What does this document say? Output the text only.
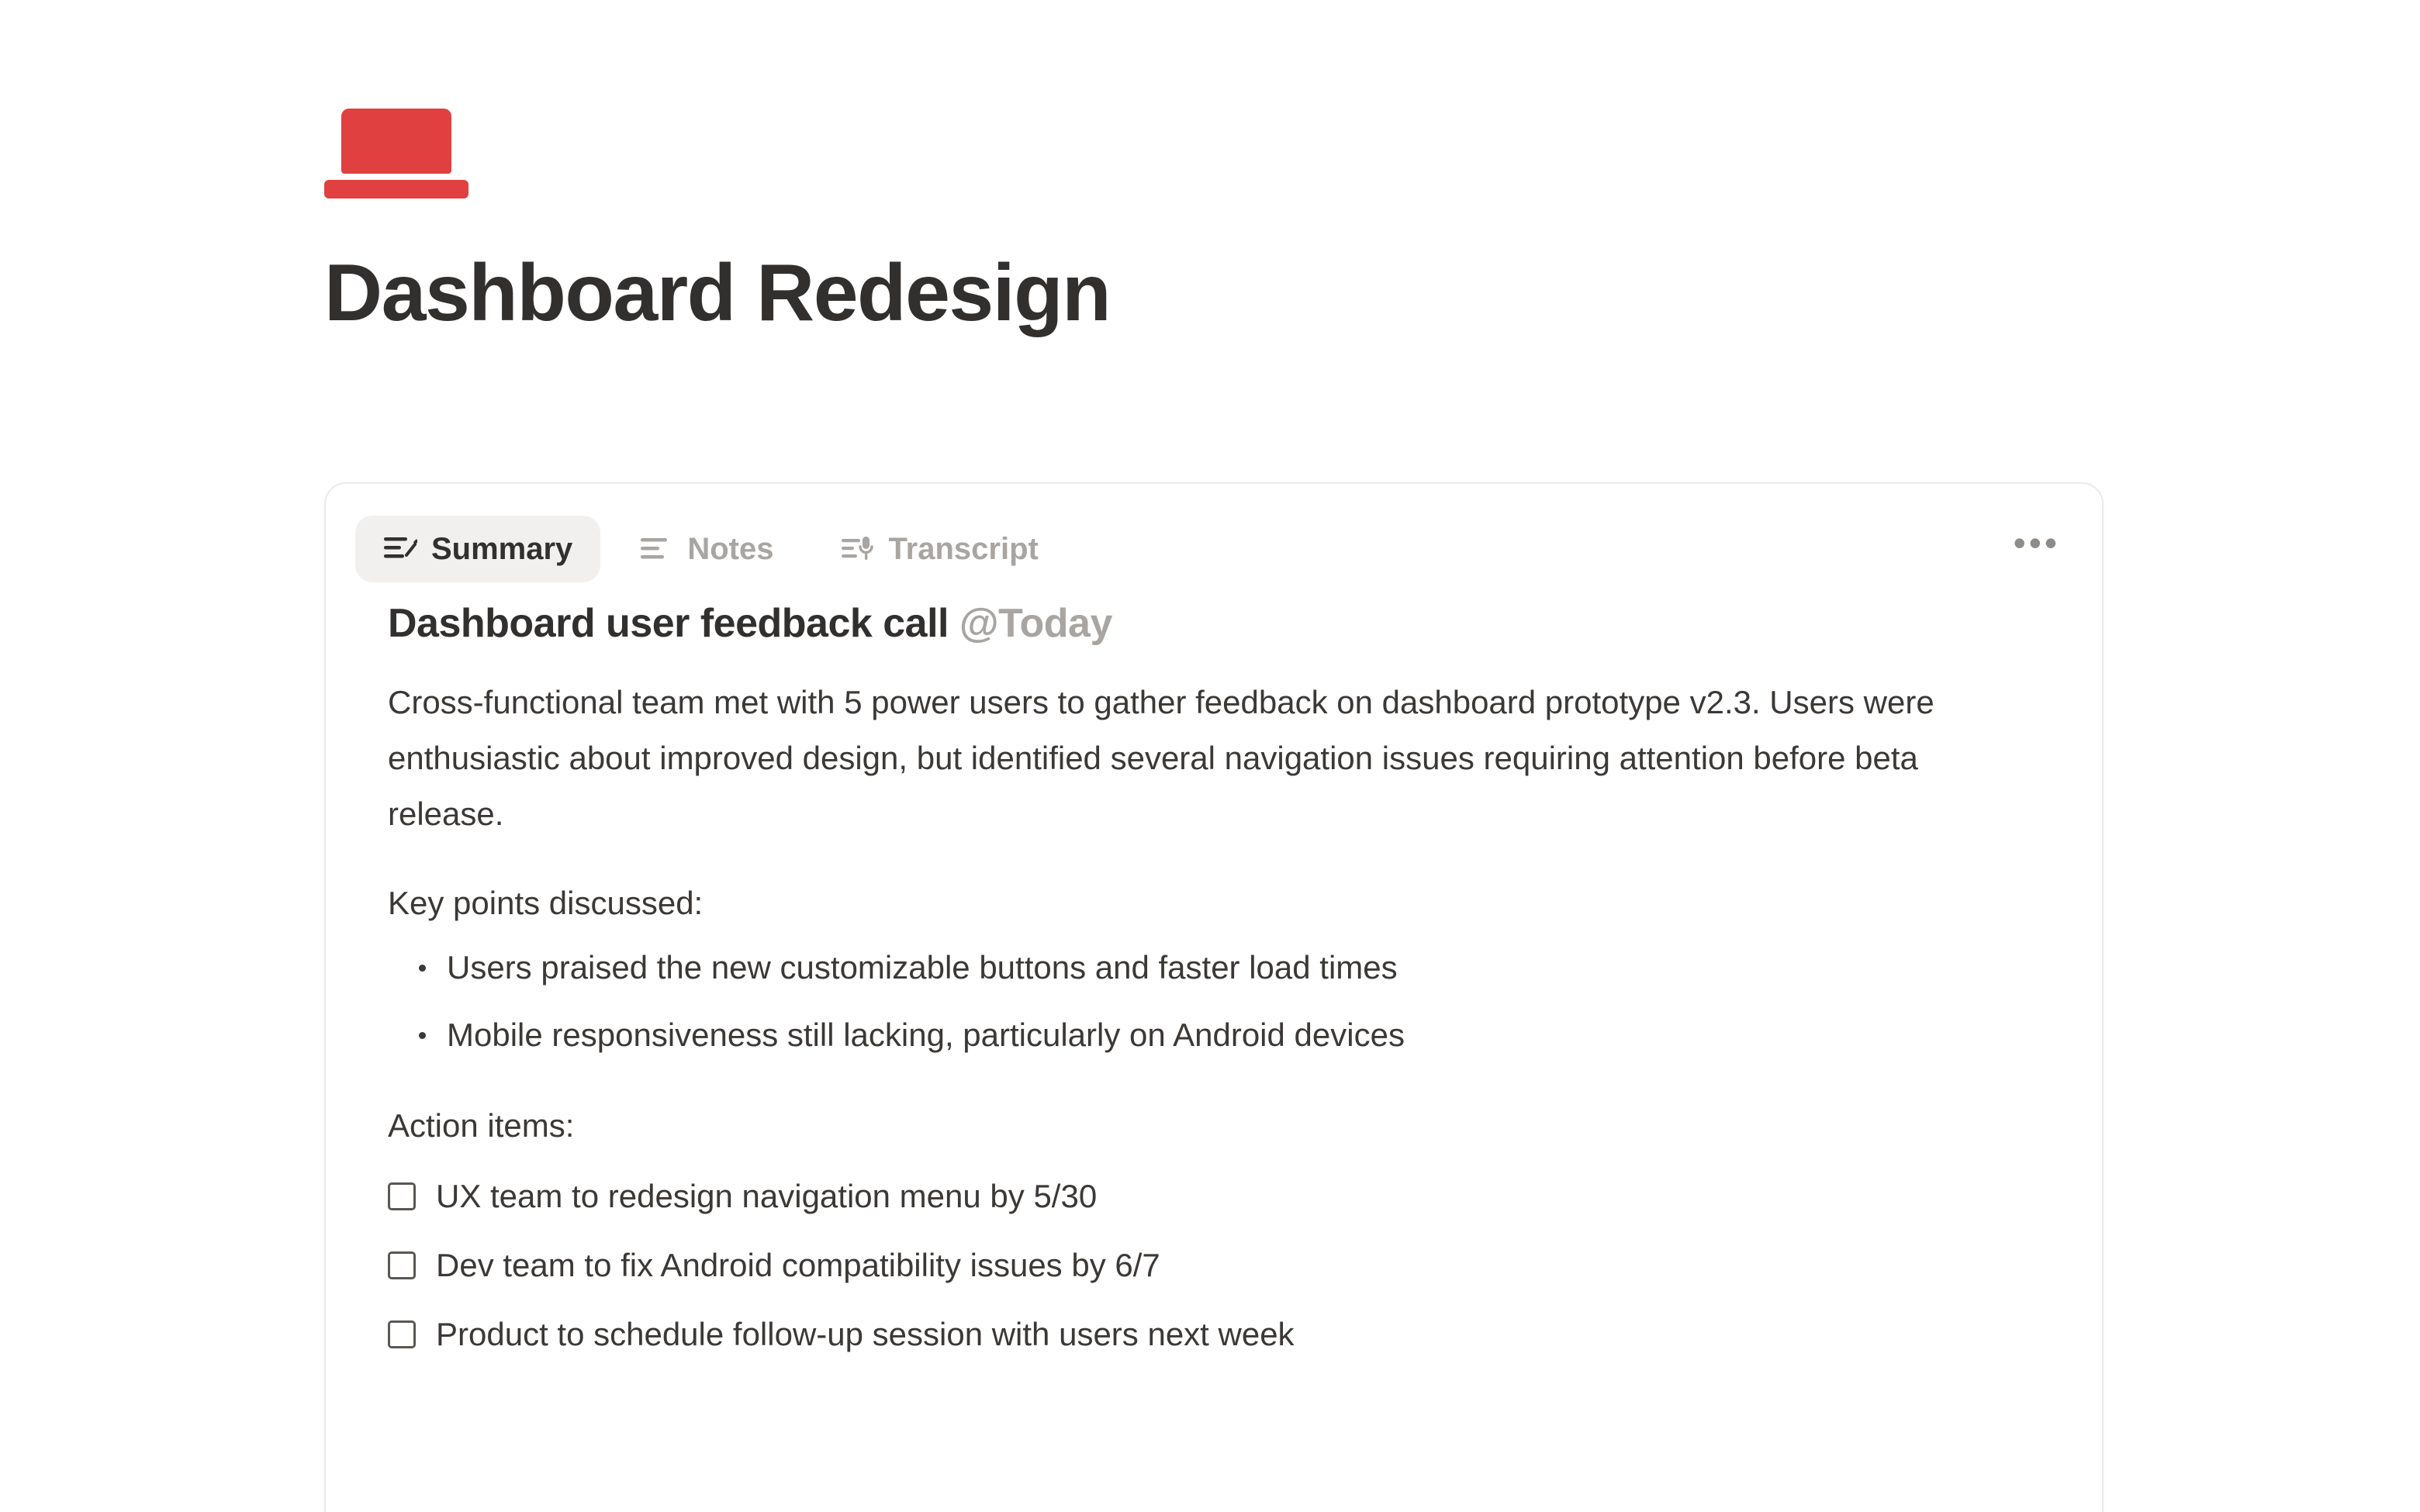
Dashboard Redesign
Summary	Notes	Transcript	•••
Dashboard user feedback call @Today

Cross-functional team met with 5 power users to gather feedback on dashboard prototype v2.3. Users were enthusiastic about improved design, but identified several navigation issues requiring attention before beta release.

Key points discussed:

Users praised the new customizable buttons and faster load times
Mobile responsiveness still lacking, particularly on Android devices

Action items:

UX team to redesign navigation menu by 5/30
Dev team to fix Android compatibility issues by 6/7
Product to schedule follow-up session with users next week
